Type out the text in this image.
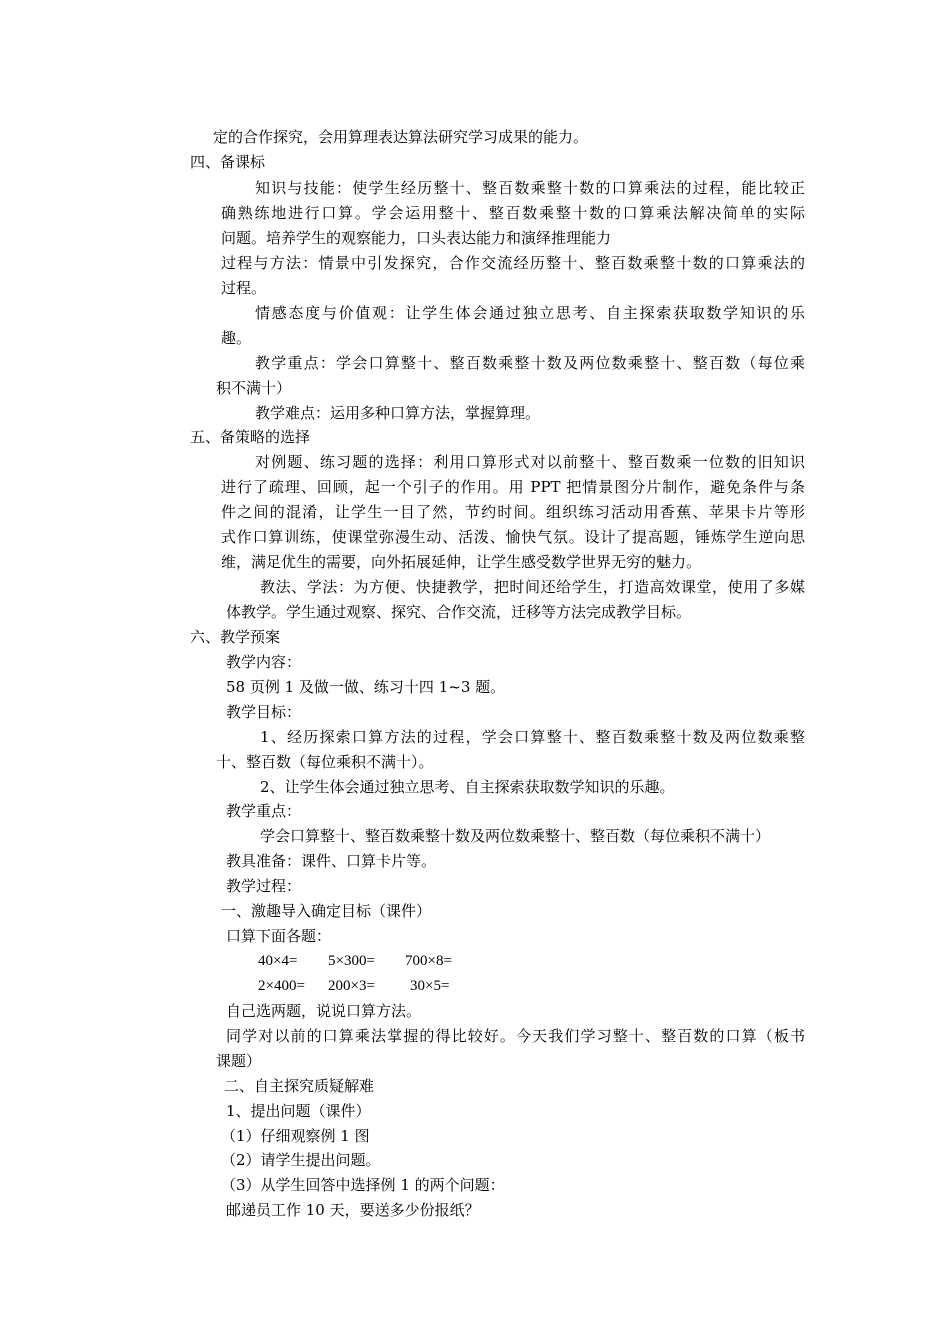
定的合作探究，会用算理表达算法研究学习成果的能力。
四、备课标
知识与技能：使学生经历整十、整百数乘整十数的口算乘法的过程，能比较正
确熟练地进行口算。学会运用整十、整百数乘整十数的口算乘法解决简单的实际
问题。培养学生的观察能力，口头表达能力和演绎推理能力
过程与方法：情景中引发探究，合作交流经历整十、整百数乘整十数的口算乘法的
过程。
情感态度与价值观：让学生体会通过独立思考、自主探索获取数学知识的乐
趣。
教学重点：学会口算整十、整百数乘整十数及两位数乘整十、整百数（每位乘
积不满十）
教学难点：运用多种口算方法，掌握算理。
五、备策略的选择
对例题、练习题的选择：利用口算形式对以前整十、整百数乘一位数的旧知识
进行了疏理、回顾，起一个引子的作用。用 PPT 把情景图分片制作，避免条件与条
件之间的混淆，让学生一目了然，节约时间。组织练习活动用香蕉、苹果卡片等形
式作口算训练，使课堂弥漫生动、活泼、愉快气氛。设计了提高题，锤炼学生逆向思
维，满足优生的需要，向外拓展延伸，让学生感受数学世界无穷的魅力。
教法、学法：为方便、快捷教学，把时间还给学生，打造高效课堂，使用了多媒
体教学。学生通过观察、探究、合作交流，迁移等方法完成教学目标。
六、教学预案
教学内容：
58 页例 1 及做一做、练习十四 1~3 题。
教学目标：
1、经历探索口算方法的过程，学会口算整十、整百数乘整十数及两位数乘整
十、整百数（每位乘积不满十）。
2、让学生体会通过独立思考、自主探索获取数学知识的乐趣。
教学重点：
学会口算整十、整百数乘整十数及两位数乘整十、整百数（每位乘积不满十）
教具准备：课件、口算卡片等。
教学过程：
一、激趣导入确定目标（课件）
口算下面各题：
40×4= 5×300= 700×8=
2×400= 200×3= 30×5=
自己选两题，说说口算方法。
同学对以前的口算乘法掌握的得比较好。今天我们学习整十、整百数的口算（板书
课题）
二、自主探究质疑解难
1、提出问题（课件）
（1）仔细观察例 1 图
（2）请学生提出问题。
（3）从学生回答中选择例 1 的两个问题：
邮递员工作 10 天，要送多少份报纸？
